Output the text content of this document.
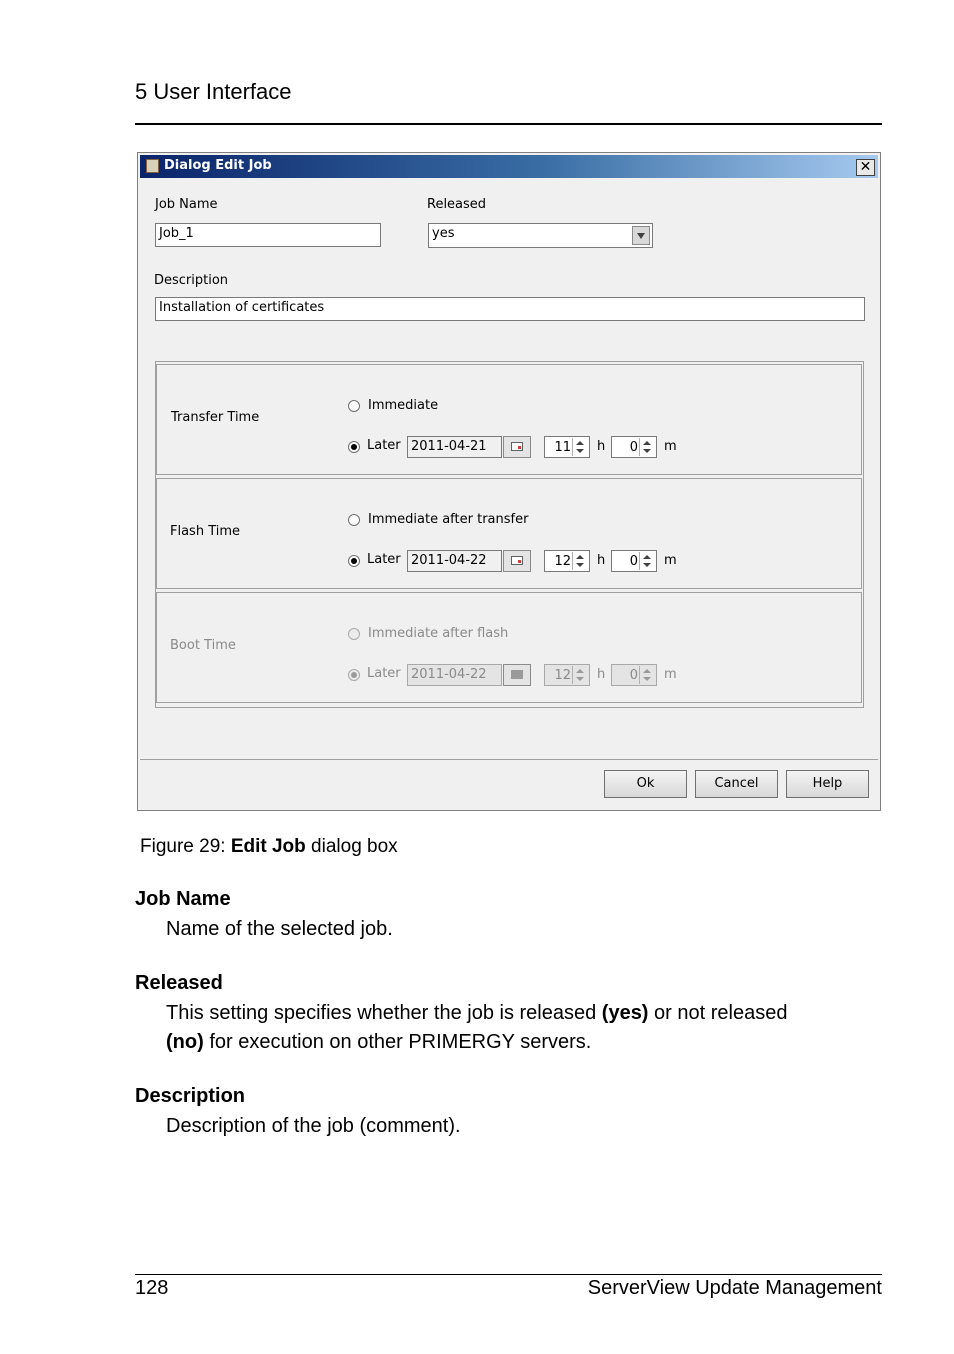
5 User Interface
Dialog Edit Job	✕
Job Name
Job_1
Released
yes
Description
Installation of certificates
Transfer Time
Immediate
Later 2011-04-21	11 h 0 m
Flash Time
Immediate after transfer
Later 2011-04-22	12 h 0 m
Boot Time
Immediate after flash
Later 2011-04-22	12 h 0 m
Ok	Cancel	Help
Figure 29: Edit Job dialog box
Job Name
Name of the selected job.
Released
This setting specifies whether the job is released (yes) or not released
(no) for execution on other PRIMERGY servers.
Description
Description of the job (comment).
128	ServerView Update Management
